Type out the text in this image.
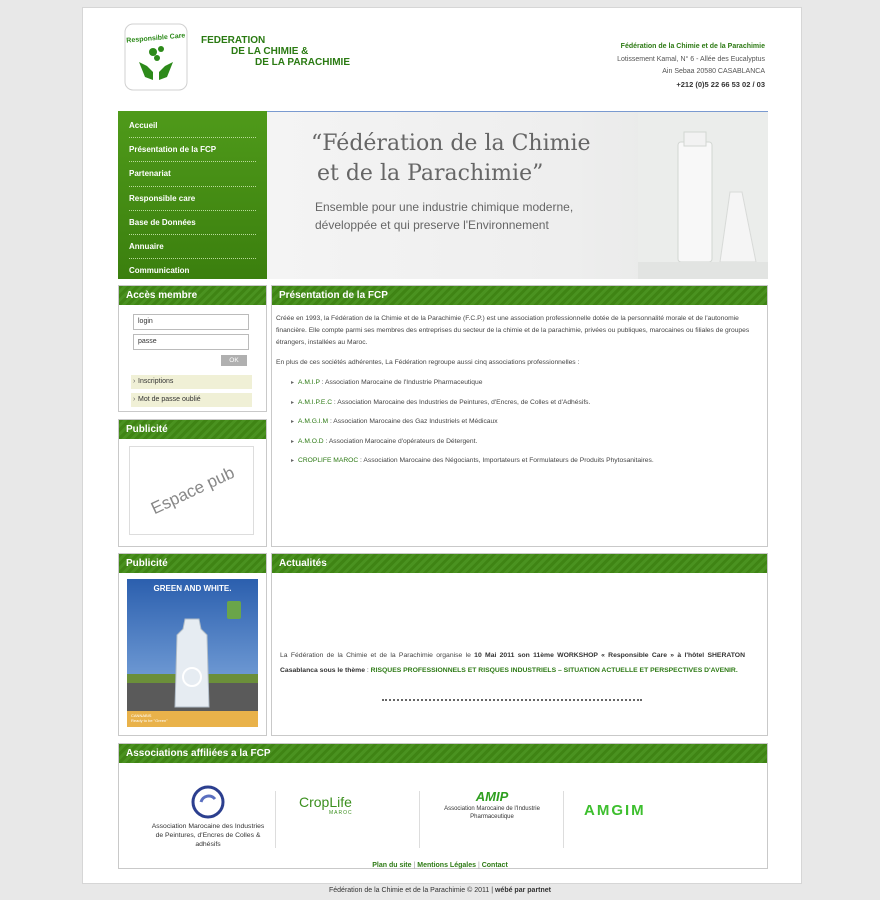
Responsible Care FEDERATION
DE LA CHIMIE &
DE LA PARACHIMIE
Fédération de la Chimie et de la Parachimie
Lotissement Kamal, N° 6 - Allée des Eucalyptus
Ain Sebaa 20580 CASABLANCA
+212 (0)5 22 66 53 02 / 03
Accueil
Présentation de la FCP
Partenariat
Responsible care
Base de Données
Annuaire
Communication
“Fédération de la Chimie
et de la Parachimie”
Ensemble pour une industrie chimique moderne,
développée et qui preserve l'Environnement
Accès membre
login
passe
OK
› Inscriptions
› Mot de passe oublié
Publicité
Espace pub
Présentation de la FCP

Créée en 1993, la Fédération de la Chimie et de la Parachimie (F.C.P.) est une association professionnelle dotée de la personnalité morale et de l'autonomie financière. Elle compte parmi ses membres des entreprises du secteur de la chimie et de la parachimie, privées ou publiques, marocaines ou filiales de groupes étrangers, installées au Maroc.

En plus de ces sociétés adhérentes, La Fédération regroupe aussi cinq associations professionnelles :

▸ A.M.I.P : Association Marocaine de l'Industrie Pharmaceutique
▸ A.M.I.P.E.C : Association Marocaine des Industries de Peintures, d'Encres, de Colles et d'Adhésifs.
▸ A.M.G.I.M : Association Marocaine des Gaz Industriels et Médicaux
▸ A.M.O.D : Association Marocaine d'opérateurs de Détergent.
▸ CROPLIFE MAROC : Association Marocaine des Négociants, Importateurs et Formulateurs de Produits Phytosanitaires.
Publicité
GREEN AND WHITE.
CANNABIS
Ready to be "Green"
Actualités
La Fédération de la Chimie et de la Parachimie organise le 10 Mai 2011 son 11ème WORKSHOP « Responsible Care » à l'hôtel SHERATON Casablanca sous le thème : RISQUES PROFESSIONNELS ET RISQUES INDUSTRIELS – SITUATION ACTUELLE ET PERSPECTIVES D'AVENIR.
Associations affiliées a la FCP
Association Marocaine des Industries de Peintures, d'Encres de Colles & adhésifs
CropLife
MAROC
AMIP
Association Marocaine de l'Industrie Pharmaceutique	AMGIM
Plan du site | Mentions Légales | Contact
Fédération de la Chimie et de la Parachimie © 2011 | wébé par partnet
